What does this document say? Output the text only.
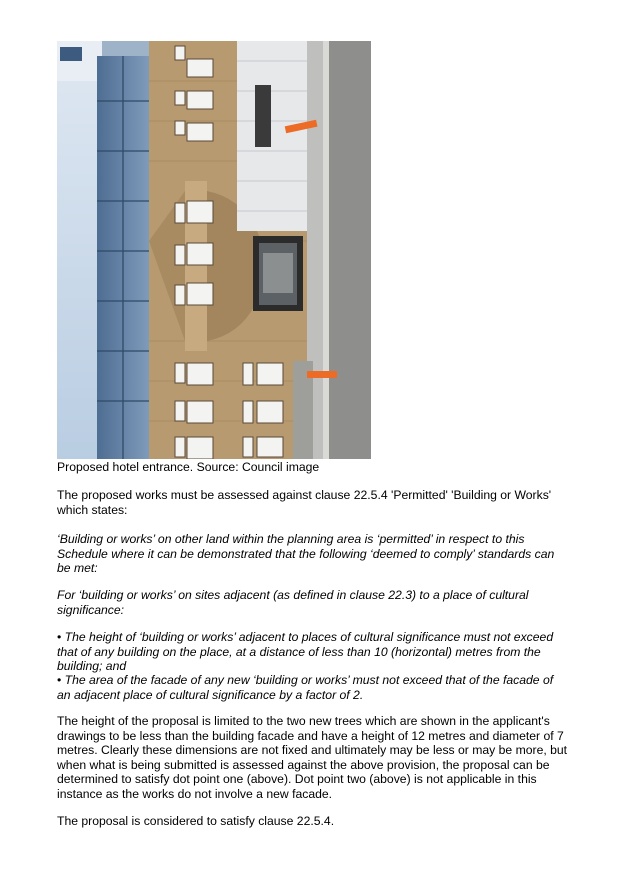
Proposed hotel entrance. Source: Council image

The proposed works must be assessed against clause 22.5.4 'Permitted' 'Building or Works' which states:

‘Building or works’ on other land within the planning area is ‘permitted’ in respect to this Schedule where it can be demonstrated that the following ‘deemed to comply’ standards can be met:

For ‘building or works’ on sites adjacent (as defined in clause 22.3) to a place of cultural significance:

• The height of ‘building or works’ adjacent to places of cultural significance must not exceed that of any building on the place, at a distance of less than 10 (horizontal) metres from the building; and

• The area of the facade of any new ‘building or works’ must not exceed that of the facade of an adjacent place of cultural significance by a factor of 2.

The height of the proposal is limited to the two new trees which are shown in the applicant's drawings to be less than the building facade and have a height of 12 metres and diameter of 7 metres. Clearly these dimensions are not fixed and ultimately may be less or may be more, but when what is being submitted is assessed against the above provision, the proposal can be determined to satisfy dot point one (above). Dot point two (above) is not applicable in this instance as the works do not involve a new facade.

The proposal is considered to satisfy clause 22.5.4.
